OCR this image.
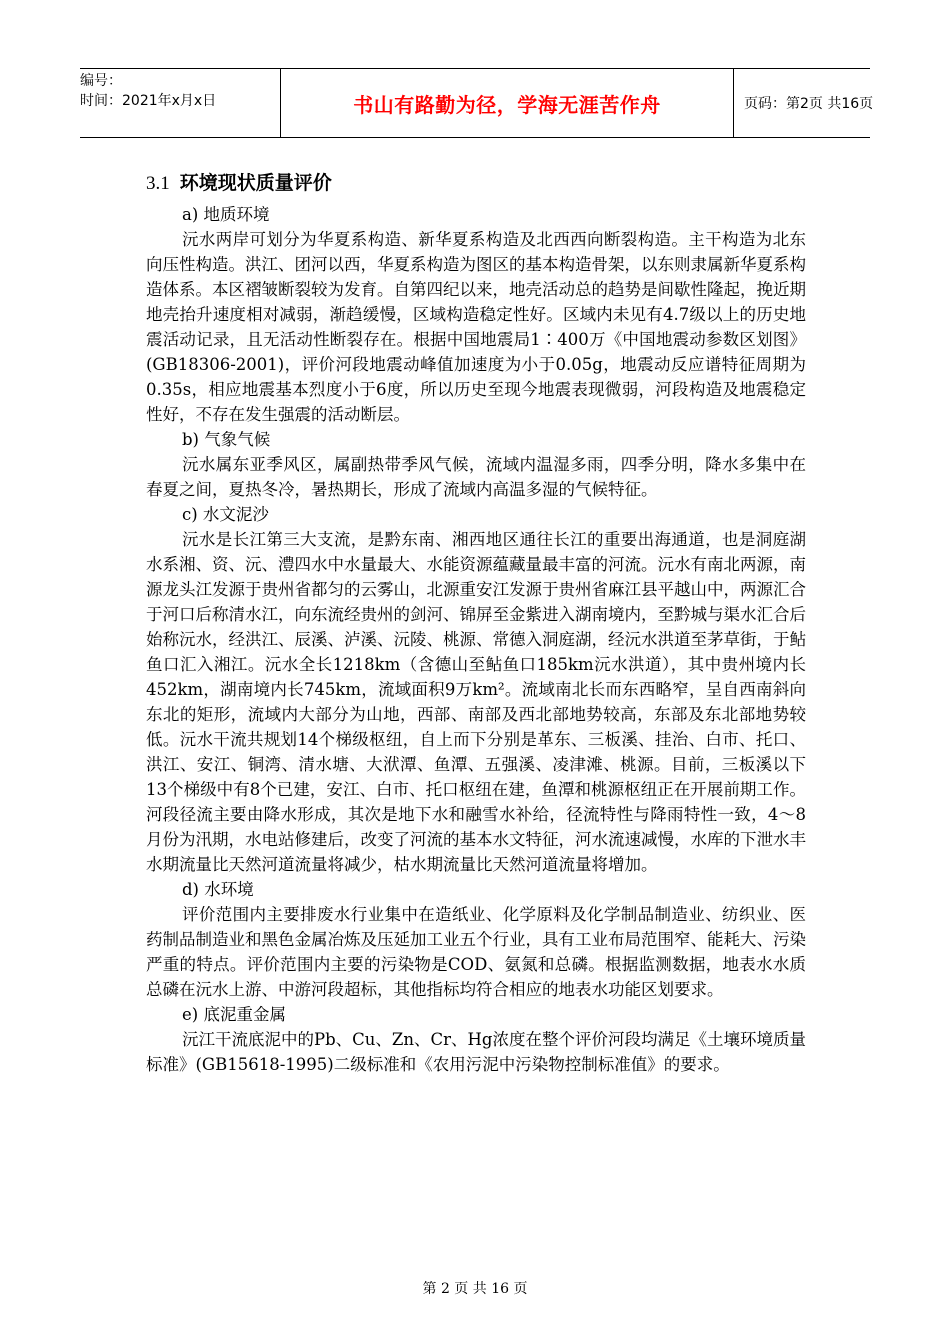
编号：
时间：2021年x月x日	书山有路勤为径，学海无涯苦作舟	页码：第2页 共16页
3.1 环境现状质量评价
a) 地质环境
沅水两岸可划分为华夏系构造、新华夏系构造及北西西向断裂构造。主干构造为北东向压性构造。洪江、团河以西，华夏系构造为图区的基本构造骨架，以东则隶属新华夏系构造体系。本区褶皱断裂较为发育。自第四纪以来，地壳活动总的趋势是间歇性隆起，挽近期地壳抬升速度相对减弱，渐趋缓慢，区域构造稳定性好。区域内未见有4.7级以上的历史地震活动记录，且无活动性断裂存在。根据中国地震局1∶400万《中国地震动参数区划图》(GB18306-2001)，评价河段地震动峰值加速度为小于0.05g，地震动反应谱特征周期为0.35s，相应地震基本烈度小于6度，所以历史至现今地震表现微弱，河段构造及地震稳定性好，不存在发生强震的活动断层。
b) 气象气候
沅水属东亚季风区，属副热带季风气候，流域内温湿多雨，四季分明，降水多集中在春夏之间，夏热冬冷，暑热期长，形成了流域内高温多湿的气候特征。
c) 水文泥沙
沅水是长江第三大支流，是黔东南、湘西地区通往长江的重要出海通道，也是洞庭湖水系湘、资、沅、澧四水中水量最大、水能资源蕴藏量最丰富的河流。沅水有南北两源，南源龙头江发源于贵州省都匀的云雾山，北源重安江发源于贵州省麻江县平越山中，两源汇合于河口后称清水江，向东流经贵州的剑河、锦屏至金紫进入湖南境内，至黔城与渠水汇合后始称沅水，经洪江、辰溪、泸溪、沅陵、桃源、常德入洞庭湖，经沅水洪道至茅草街，于鲇鱼口汇入湘江。沅水全长1218km（含德山至鲇鱼口185km沅水洪道），其中贵州境内长452km，湖南境内长745km，流域面积9万km²。流域南北长而东西略窄，呈自西南斜向东北的矩形，流域内大部分为山地，西部、南部及西北部地势较高，东部及东北部地势较低。沅水干流共规划14个梯级枢纽，自上而下分别是革东、三板溪、挂治、白市、托口、洪江、安江、铜湾、清水塘、大洑潭、鱼潭、五强溪、凌津滩、桃源。目前，三板溪以下13个梯级中有8个已建，安江、白市、托口枢纽在建，鱼潭和桃源枢纽正在开展前期工作。河段径流主要由降水形成，其次是地下水和融雪水补给，径流特性与降雨特性一致，4～8月份为汛期，水电站修建后，改变了河流的基本水文特征，河水流速减慢，水库的下泄水丰水期流量比天然河道流量将减少，枯水期流量比天然河道流量将增加。
d) 水环境
评价范围内主要排废水行业集中在造纸业、化学原料及化学制品制造业、纺织业、医药制品制造业和黑色金属冶炼及压延加工业五个行业，具有工业布局范围窄、能耗大、污染严重的特点。评价范围内主要的污染物是COD、氨氮和总磷。根据监测数据，地表水水质总磷在沅水上游、中游河段超标，其他指标均符合相应的地表水功能区划要求。
e) 底泥重金属
沅江干流底泥中的Pb、Cu、Zn、Cr、Hg浓度在整个评价河段均满足《土壤环境质量标准》(GB15618-1995)二级标准和《农用污泥中污染物控制标准值》的要求。
第 2 页 共 16 页
